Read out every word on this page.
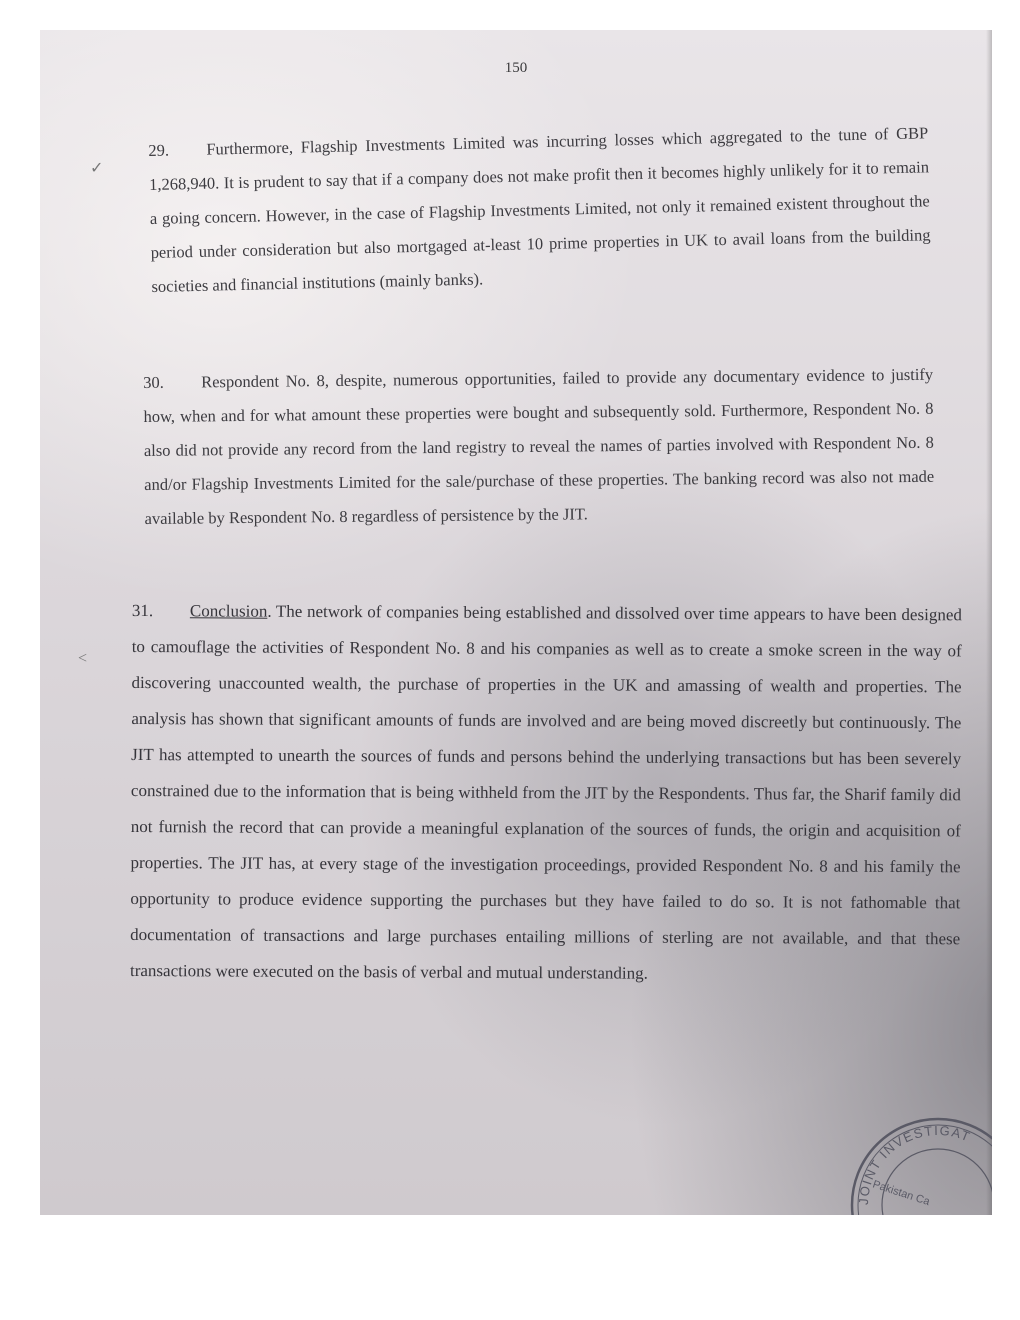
150
✓
<

29. Furthermore, Flagship Investments Limited was incurring losses which aggregated to the tune of GBP 1,268,940. It is prudent to say that if a company does not make profit then it becomes highly unlikely for it to remain a going concern. However, in the case of Flagship Investments Limited, not only it remained existent throughout the period under consideration but also mortgaged at-least 10 prime properties in UK to avail loans from the building societies and financial institutions (mainly banks).

30. Respondent No. 8, despite, numerous opportunities, failed to provide any documentary evidence to justify how, when and for what amount these properties were bought and subsequently sold. Furthermore, Respondent No. 8 also did not provide any record from the land registry to reveal the names of parties involved with Respondent No. 8 and/or Flagship Investments Limited for the sale/purchase of these properties. The banking record was also not made available by Respondent No. 8 regardless of persistence by the JIT.

31. Conclusion. The network of companies being established and dissolved over time appears to have been designed to camouflage the activities of Respondent No. 8 and his companies as well as to create a smoke screen in the way of discovering unaccounted wealth, the purchase of properties in the UK and amassing of wealth and properties. The analysis has shown that significant amounts of funds are involved and are being moved discreetly but continuously. The JIT has attempted to unearth the sources of funds and persons behind the underlying transactions but has been severely constrained due to the information that is being withheld from the JIT by the Respondents. Thus far, the Sharif family did not furnish the record that can provide a meaningful explanation of the sources of funds, the origin and acquisition of properties. The JIT has, at every stage of the investigation proceedings, provided Respondent No. 8 and his family the opportunity to produce evidence supporting the purchases but they have failed to do so. It is not fathomable that documentation of transactions and large purchases entailing millions of sterling are not available, and that these transactions were executed on the basis of verbal and mutual understanding.

JOINT INVESTIGAT
Pakistan Ca
